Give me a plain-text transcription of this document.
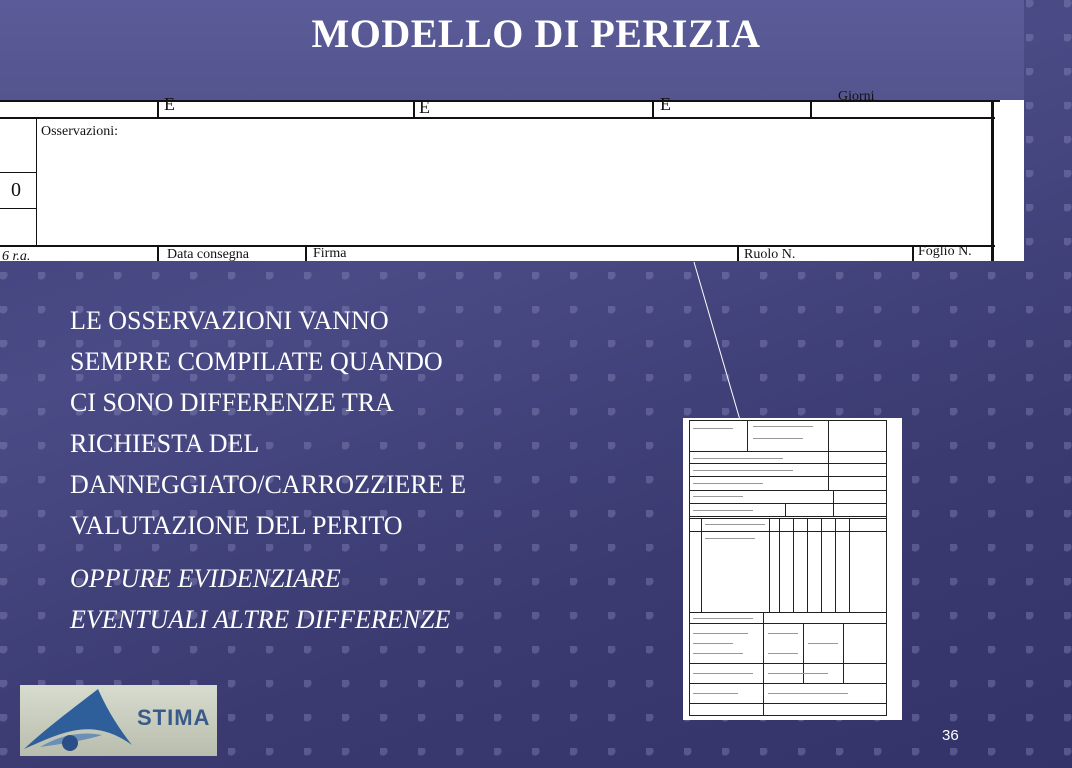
MODELLO DI PERIZIA
E	E	E	Giorni
Osservazioni:
0
6 r.a.	Data consegna	Firma	Ruolo N.	Foglio N.
LE OSSERVAZIONI VANNO
SEMPRE COMPILATE QUANDO
CI SONO DIFFERENZE TRA
RICHIESTA DEL
DANNEGGIATO/CARROZZIERE E
VALUTAZIONE DEL PERITO
OPPURE EVIDENZIARE
EVENTUALI ALTRE DIFFERENZE
STIMA
36
